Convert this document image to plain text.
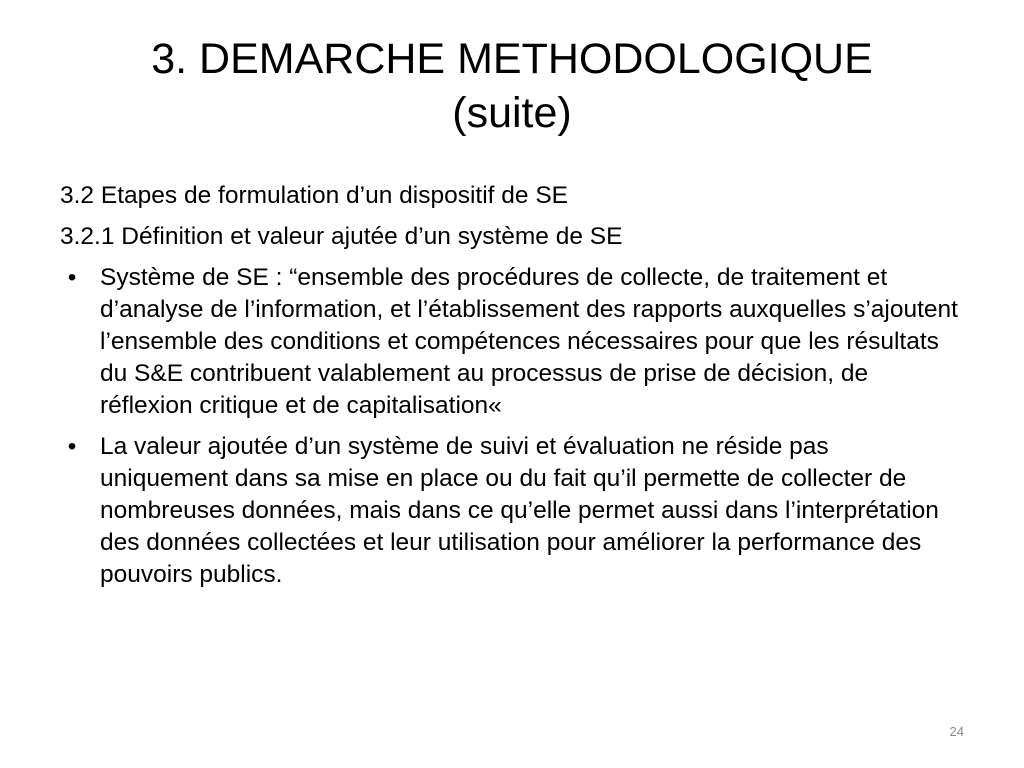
3. DEMARCHE METHODOLOGIQUE
(suite)

3.2 Etapes de formulation d’un dispositif de SE

3.2.1 Définition et valeur ajutée d’un système de SE

• Système de SE : “ensemble des procédures de collecte, de traitement et d’analyse de l’information, et l’établissement des rapports auxquelles s’ajoutent l’ensemble des conditions et compétences nécessaires pour que les résultats du S&E contribuent valablement au processus de prise de décision, de réflexion critique et de capitalisation«
• La valeur ajoutée d’un système de suivi et évaluation ne réside pas uniquement dans sa mise en place ou du fait qu’il permette de collecter de nombreuses données, mais dans ce qu’elle permet aussi dans l’interprétation des données collectées et leur utilisation pour améliorer la performance des pouvoirs publics.
24
